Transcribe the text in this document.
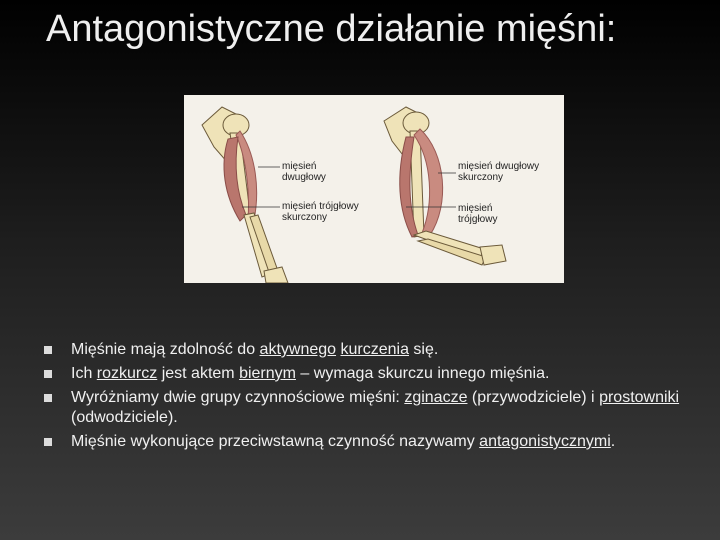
Antagonistyczne działanie mięśni:
mięsień dwugłowy
mięsień trójgłowy skurczony
mięsień dwugłowy skurczony
mięsień trójgłowy
Mięśnie mają zdolność do aktywnego kurczenia się.
Ich rozkurcz jest aktem biernym – wymaga skurczu innego mięśnia.
Wyróżniamy dwie grupy czynnościowe mięśni: zginacze (przywodziciele) i prostowniki (odwodziciele).
Mięśnie wykonujące przeciwstawną czynność nazywamy antagonistycznymi.
